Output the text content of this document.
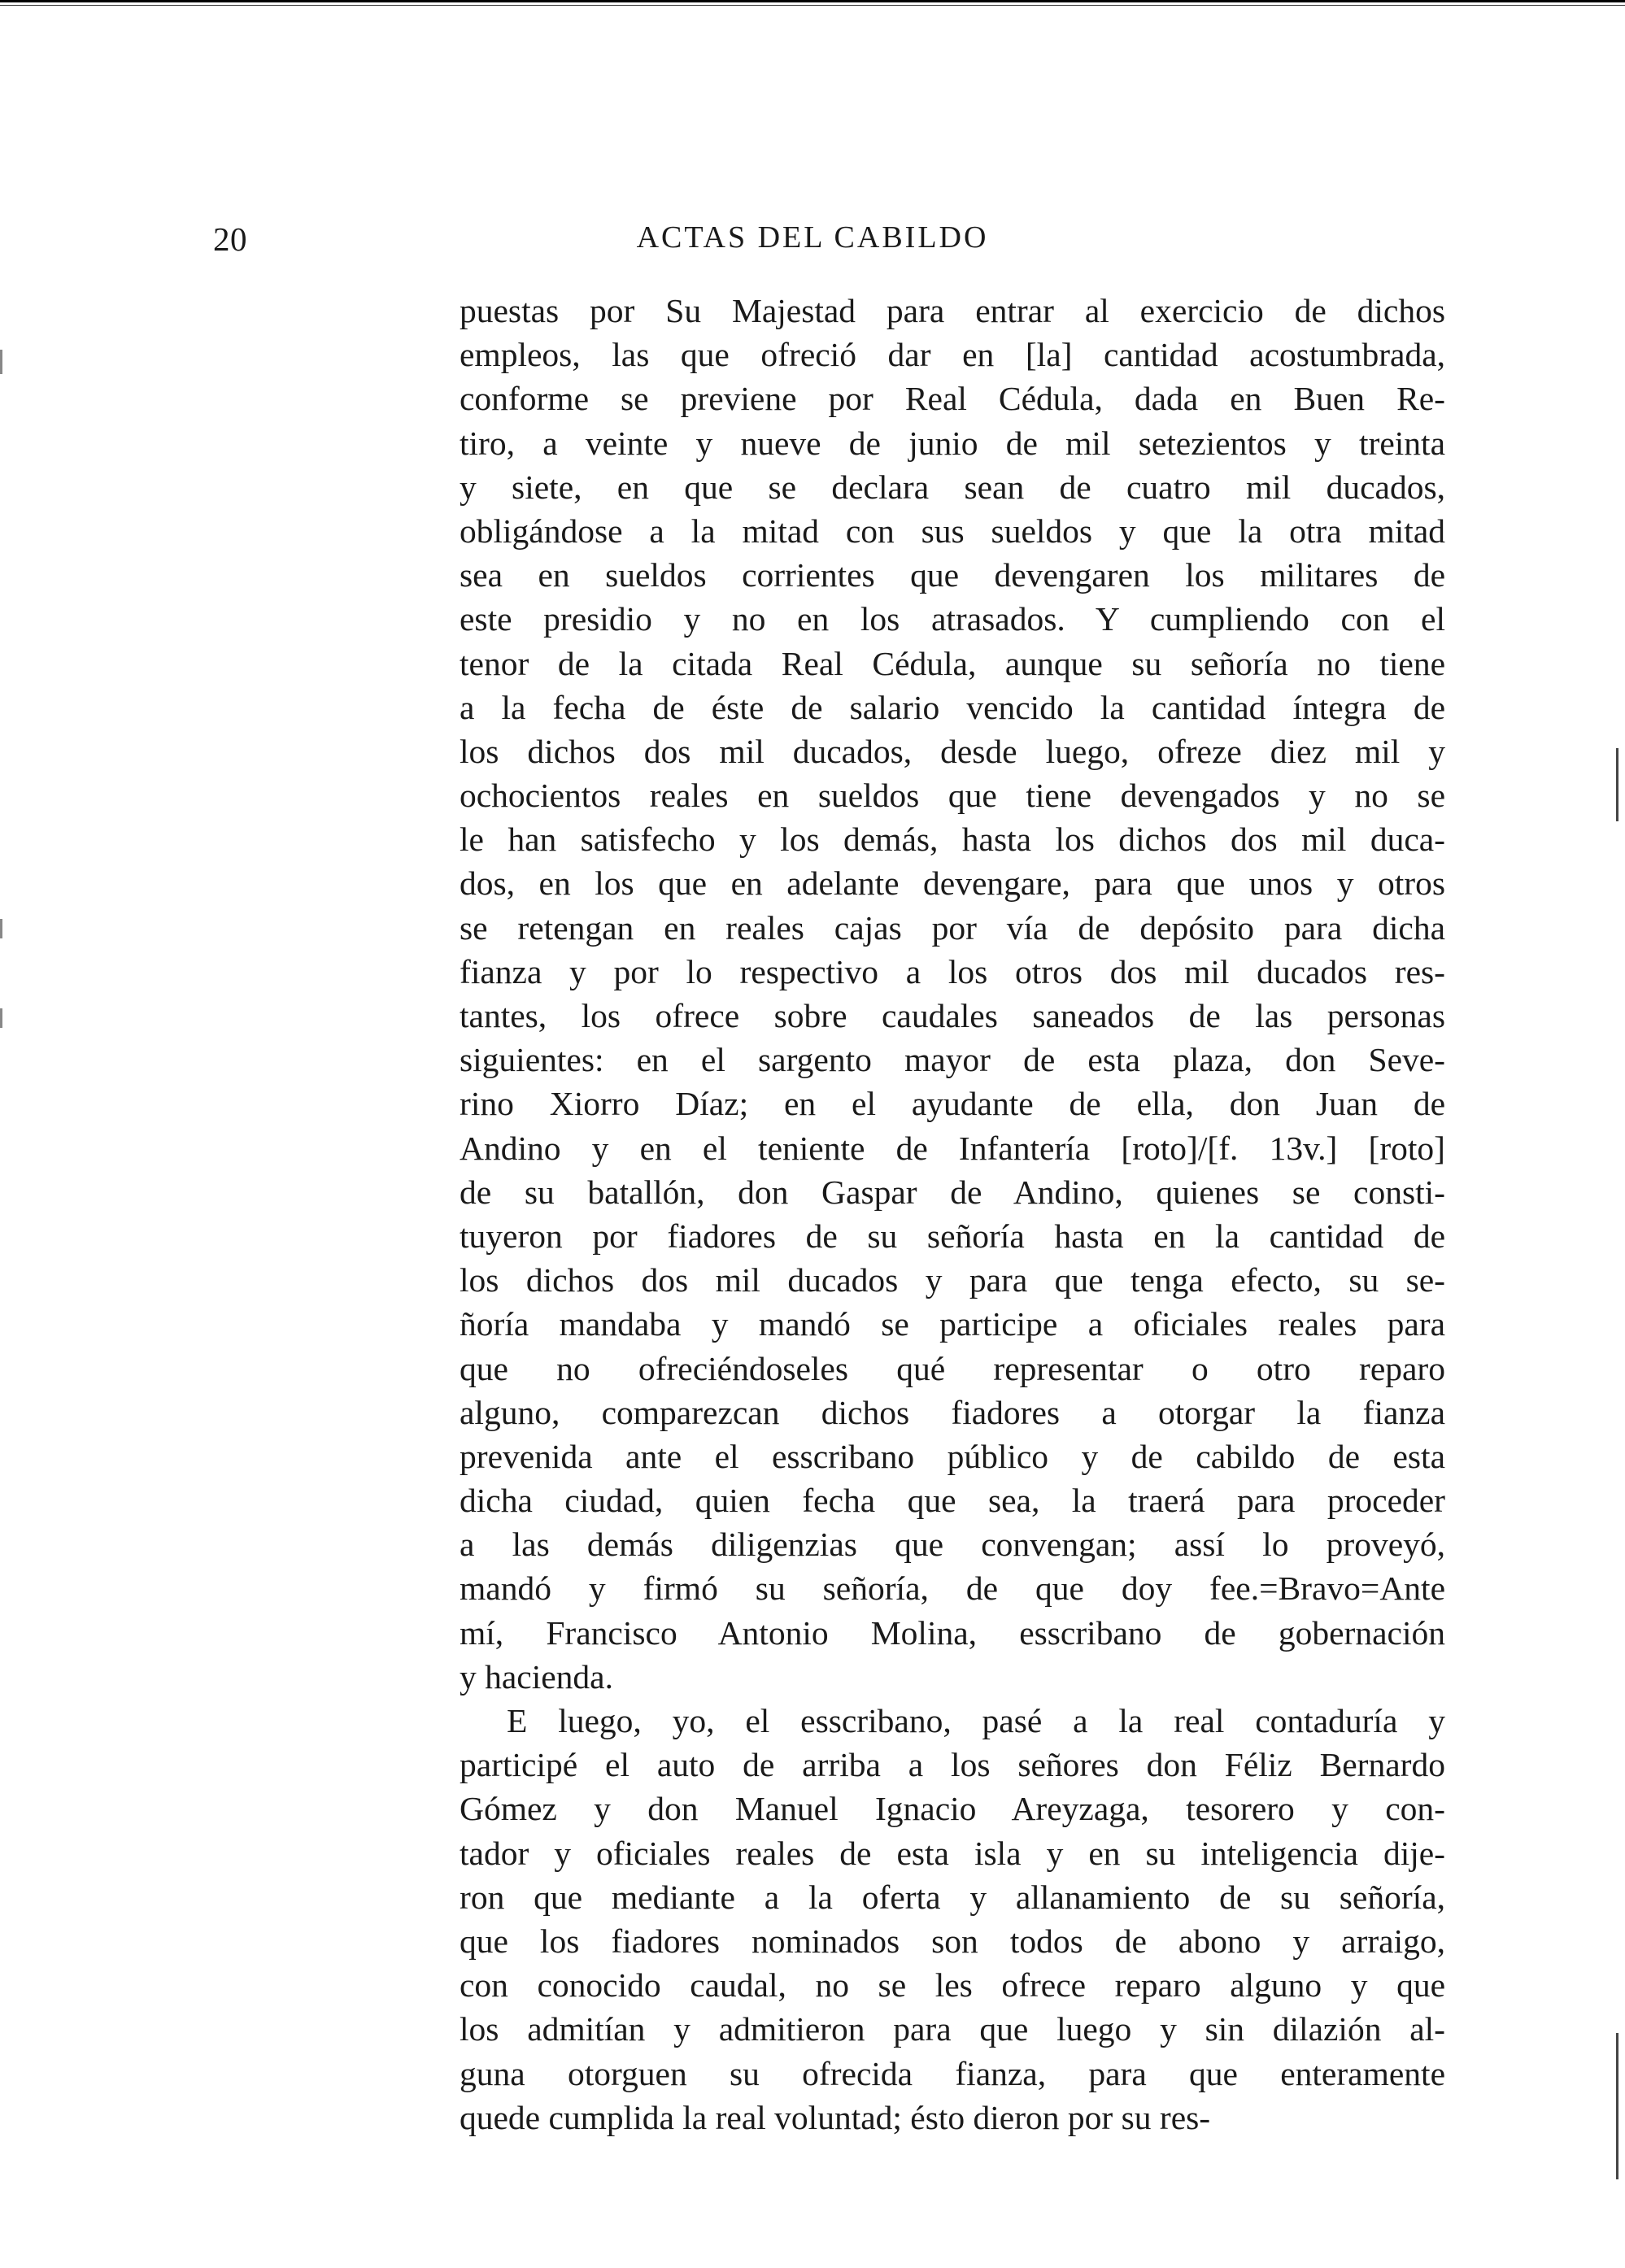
20	ACTAS DEL CABILDO
puestas por Su Majestad para entrar al exercicio de dichos
empleos, las que ofreció dar en [la] cantidad acostumbrada,
conforme se previene por Real Cédula, dada en Buen Re-
tiro, a veinte y nueve de junio de mil setezientos y treinta
y siete, en que se declara sean de cuatro mil ducados,
obligándose a la mitad con sus sueldos y que la otra mitad
sea en sueldos corrientes que devengaren los militares de
este presidio y no en los atrasados. Y cumpliendo con el
tenor de la citada Real Cédula, aunque su señoría no tiene
a la fecha de éste de salario vencido la cantidad íntegra de
los dichos dos mil ducados, desde luego, ofreze diez mil y
ochocientos reales en sueldos que tiene devengados y no se
le han satisfecho y los demás, hasta los dichos dos mil duca-
dos, en los que en adelante devengare, para que unos y otros
se retengan en reales cajas por vía de depósito para dicha
fianza y por lo respectivo a los otros dos mil ducados res-
tantes, los ofrece sobre caudales saneados de las personas
siguientes: en el sargento mayor de esta plaza, don Seve-
rino Xiorro Díaz; en el ayudante de ella, don Juan de
Andino y en el teniente de Infantería [roto]/[f. 13v.] [roto]
de su batallón, don Gaspar de Andino, quienes se consti-
tuyeron por fiadores de su señoría hasta en la cantidad de
los dichos dos mil ducados y para que tenga efecto, su se-
ñoría mandaba y mandó se participe a oficiales reales para
que no ofreciéndoseles qué representar o otro reparo
alguno, comparezcan dichos fiadores a otorgar la fianza
prevenida ante el esscribano público y de cabildo de esta
dicha ciudad, quien fecha que sea, la traerá para proceder
a las demás diligenzias que convengan; assí lo proveyó,
mandó y firmó su señoría, de que doy fee.=Bravo=Ante
mí, Francisco Antonio Molina, esscribano de gobernación
y hacienda.
E luego, yo, el esscribano, pasé a la real contaduría y
participé el auto de arriba a los señores don Féliz Bernardo
Gómez y don Manuel Ignacio Areyzaga, tesorero y con-
tador y oficiales reales de esta isla y en su inteligencia dije-
ron que mediante a la oferta y allanamiento de su señoría,
que los fiadores nominados son todos de abono y arraigo,
con conocido caudal, no se les ofrece reparo alguno y que
los admitían y admitieron para que luego y sin dilazión al-
guna otorguen su ofrecida fianza, para que enteramente
quede cumplida la real voluntad; ésto dieron por su res-
